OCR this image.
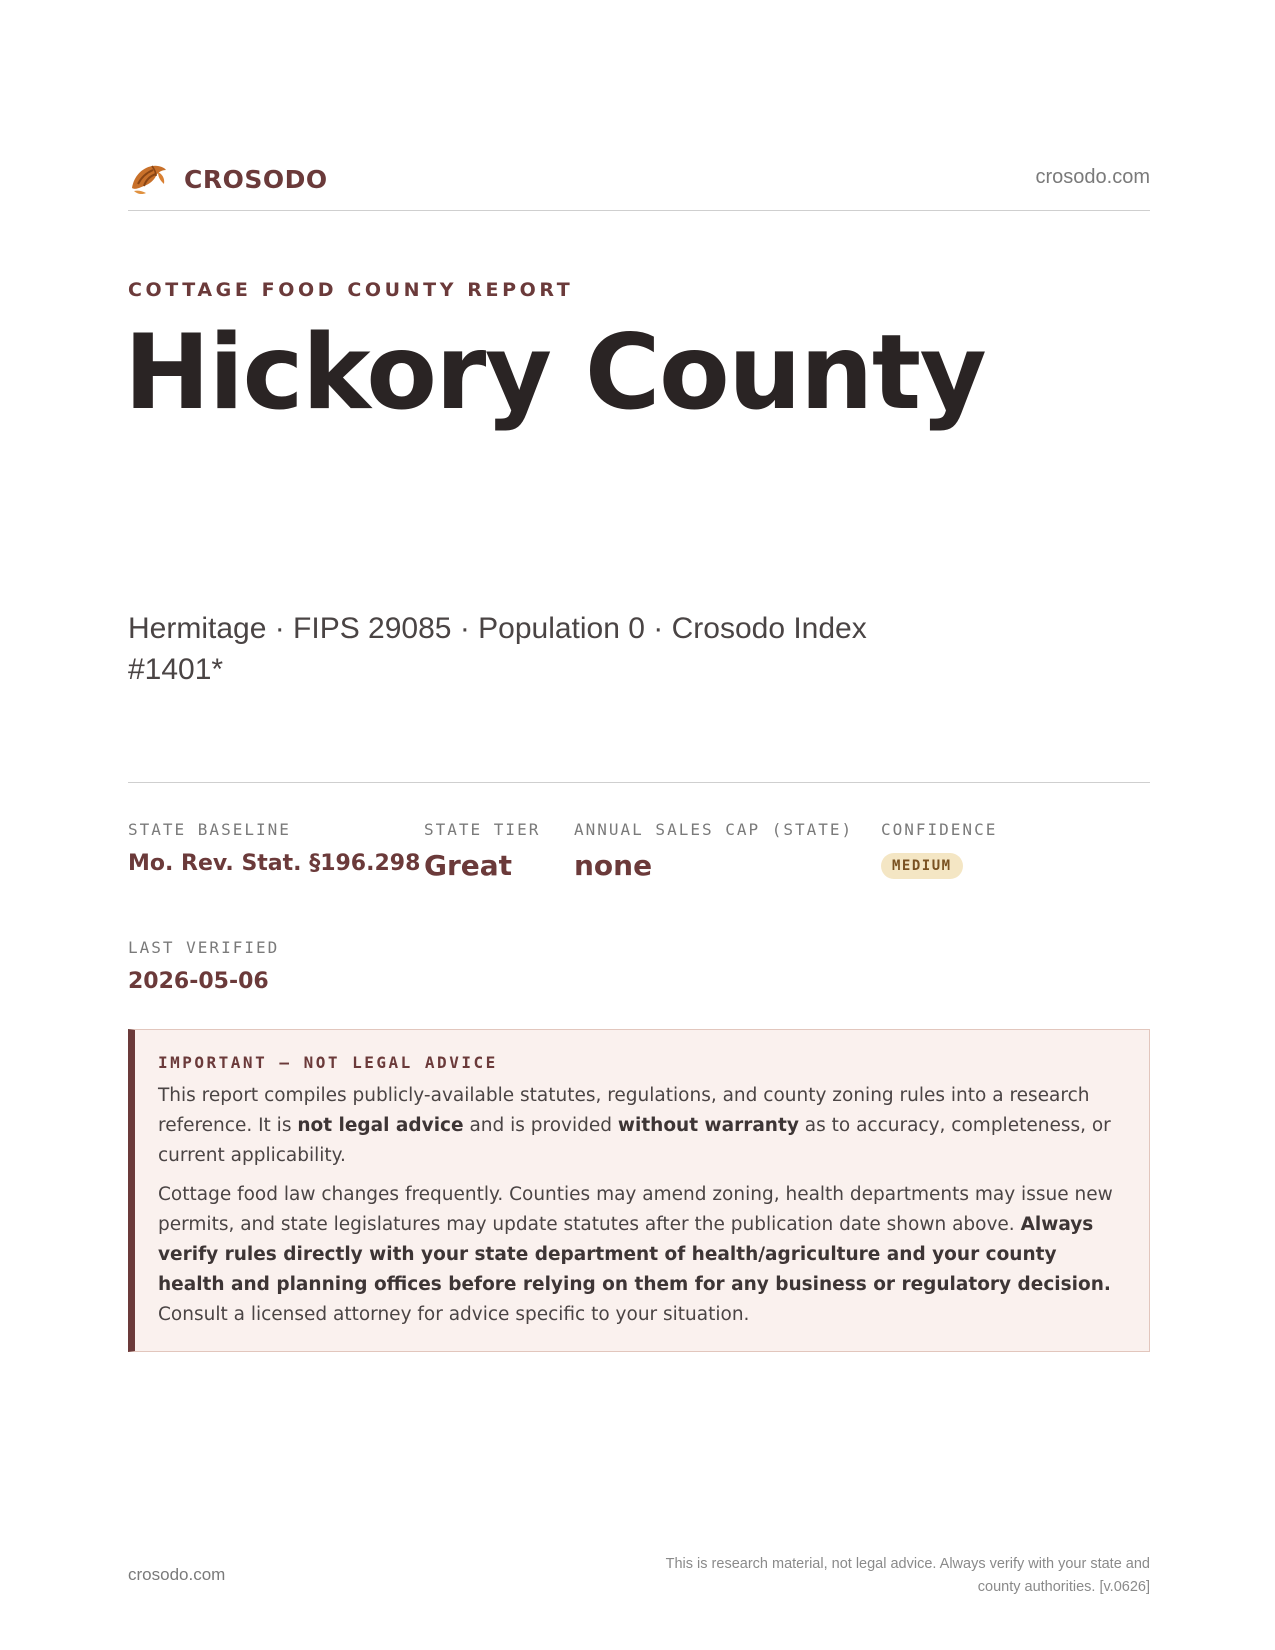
CROSODO	crosodo.com
COTTAGE FOOD COUNTY REPORT
Hickory County
Hermitage · FIPS 29085 · Population 0 · Crosodo Index #1401*
STATE BASELINE
Mo. Rev. Stat. §196.298
STATE TIER
Great
ANNUAL SALES CAP (STATE)
none
CONFIDENCE
MEDIUM
LAST VERIFIED
2026-05-06
IMPORTANT — NOT LEGAL ADVICE

This report compiles publicly-available statutes, regulations, and county zoning rules into a research reference. It is not legal advice and is provided without warranty as to accuracy, completeness, or current applicability.

Cottage food law changes frequently. Counties may amend zoning, health departments may issue new permits, and state legislatures may update statutes after the publication date shown above. Always verify rules directly with your state department of health/agriculture and your county health and planning offices before relying on them for any business or regulatory decision. Consult a licensed attorney for advice specific to your situation.

crosodo.com
This is research material, not legal advice. Always verify with your state and county authorities. [v.0626]
